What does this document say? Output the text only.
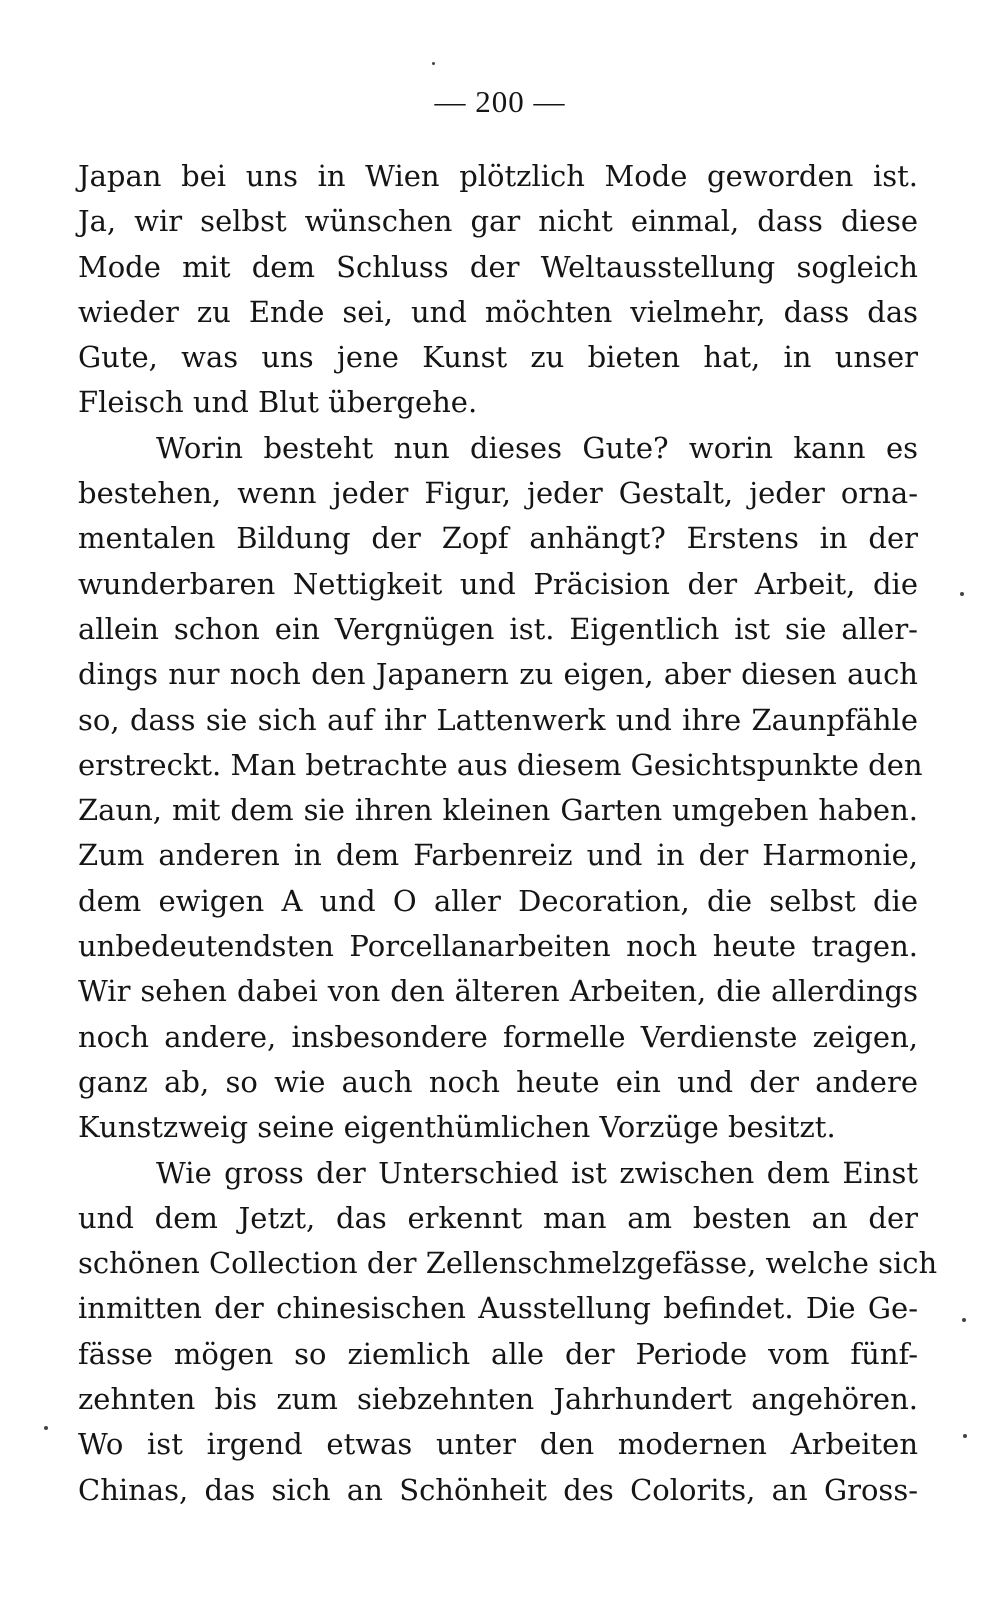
— 200 —
Japan bei uns in Wien plötzlich Mode geworden ist.
Ja, wir selbst wünschen gar nicht einmal, dass diese
Mode mit dem Schluss der Weltausstellung sogleich
wieder zu Ende sei, und möchten vielmehr, dass das
Gute, was uns jene Kunst zu bieten hat, in unser
Fleisch und Blut übergehe.
Worin besteht nun dieses Gute? worin kann es
bestehen, wenn jeder Figur, jeder Gestalt, jeder orna-
mentalen Bildung der Zopf anhängt? Erstens in der
wunderbaren Nettigkeit und Präcision der Arbeit, die
allein schon ein Vergnügen ist. Eigentlich ist sie aller-
dings nur noch den Japanern zu eigen, aber diesen auch
so, dass sie sich auf ihr Lattenwerk und ihre Zaunpfähle
erstreckt. Man betrachte aus diesem Gesichtspunkte den
Zaun, mit dem sie ihren kleinen Garten umgeben haben.
Zum anderen in dem Farbenreiz und in der Harmonie,
dem ewigen A und O aller Decoration, die selbst die
unbedeutendsten Porcellanarbeiten noch heute tragen.
Wir sehen dabei von den älteren Arbeiten, die allerdings
noch andere, insbesondere formelle Verdienste zeigen,
ganz ab, so wie auch noch heute ein und der andere
Kunstzweig seine eigenthümlichen Vorzüge besitzt.
Wie gross der Unterschied ist zwischen dem Einst
und dem Jetzt, das erkennt man am besten an der
schönen Collection der Zellenschmelzgefässe, welche sich
inmitten der chinesischen Ausstellung befindet. Die Ge-
fässe mögen so ziemlich alle der Periode vom fünf-
zehnten bis zum siebzehnten Jahrhundert angehören.
Wo ist irgend etwas unter den modernen Arbeiten
Chinas, das sich an Schönheit des Colorits, an Gross-
